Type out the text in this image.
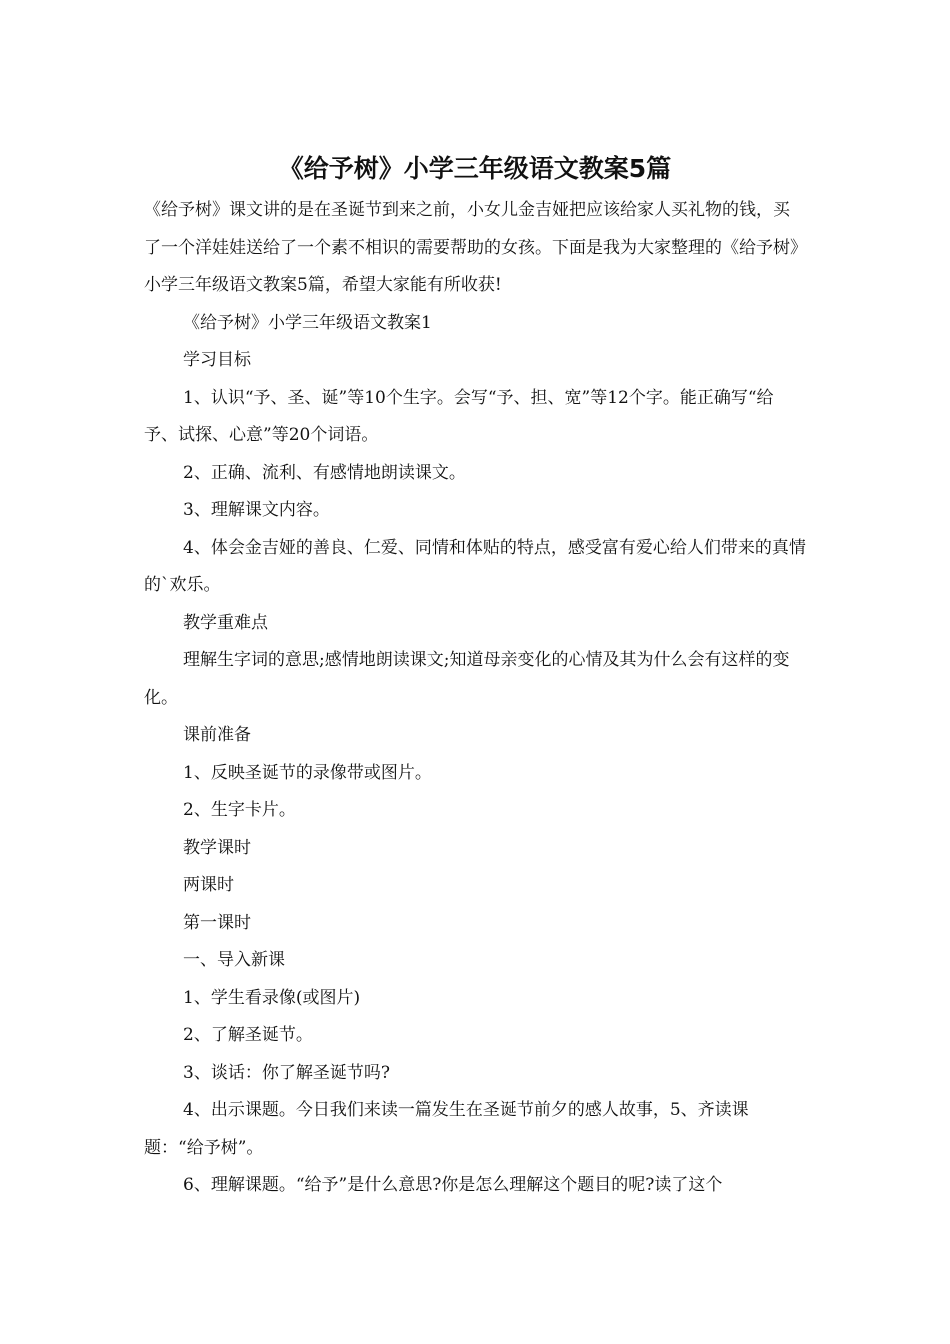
《给予树》小学三年级语文教案5篇

《给予树》课文讲的是在圣诞节到来之前，小女儿金吉娅把应该给家人买礼物的钱，买了一个洋娃娃送给了一个素不相识的需要帮助的女孩。下面是我为大家整理的《给予树》小学三年级语文教案5篇，希望大家能有所收获!

《给予树》小学三年级语文教案1

学习目标

1、认识“予、圣、诞”等10个生字。会写“予、担、宽”等12个字。能正确写“给予、试探、心意”等20个词语。

2、正确、流利、有感情地朗读课文。

3、理解课文内容。

4、体会金吉娅的善良、仁爱、同情和体贴的特点，感受富有爱心给人们带来的真情的`欢乐。

教学重难点

理解生字词的意思;感情地朗读课文;知道母亲变化的心情及其为什么会有这样的变化。

课前准备

1、反映圣诞节的录像带或图片。

2、生字卡片。

教学课时

两课时

第一课时

一、导入新课

1、学生看录像(或图片)

2、了解圣诞节。

3、谈话：你了解圣诞节吗?

4、出示课题。今日我们来读一篇发生在圣诞节前夕的感人故事，5、齐读课题：“给予树”。

6、理解课题。“给予”是什么意思?你是怎么理解这个题目的呢?读了这个
